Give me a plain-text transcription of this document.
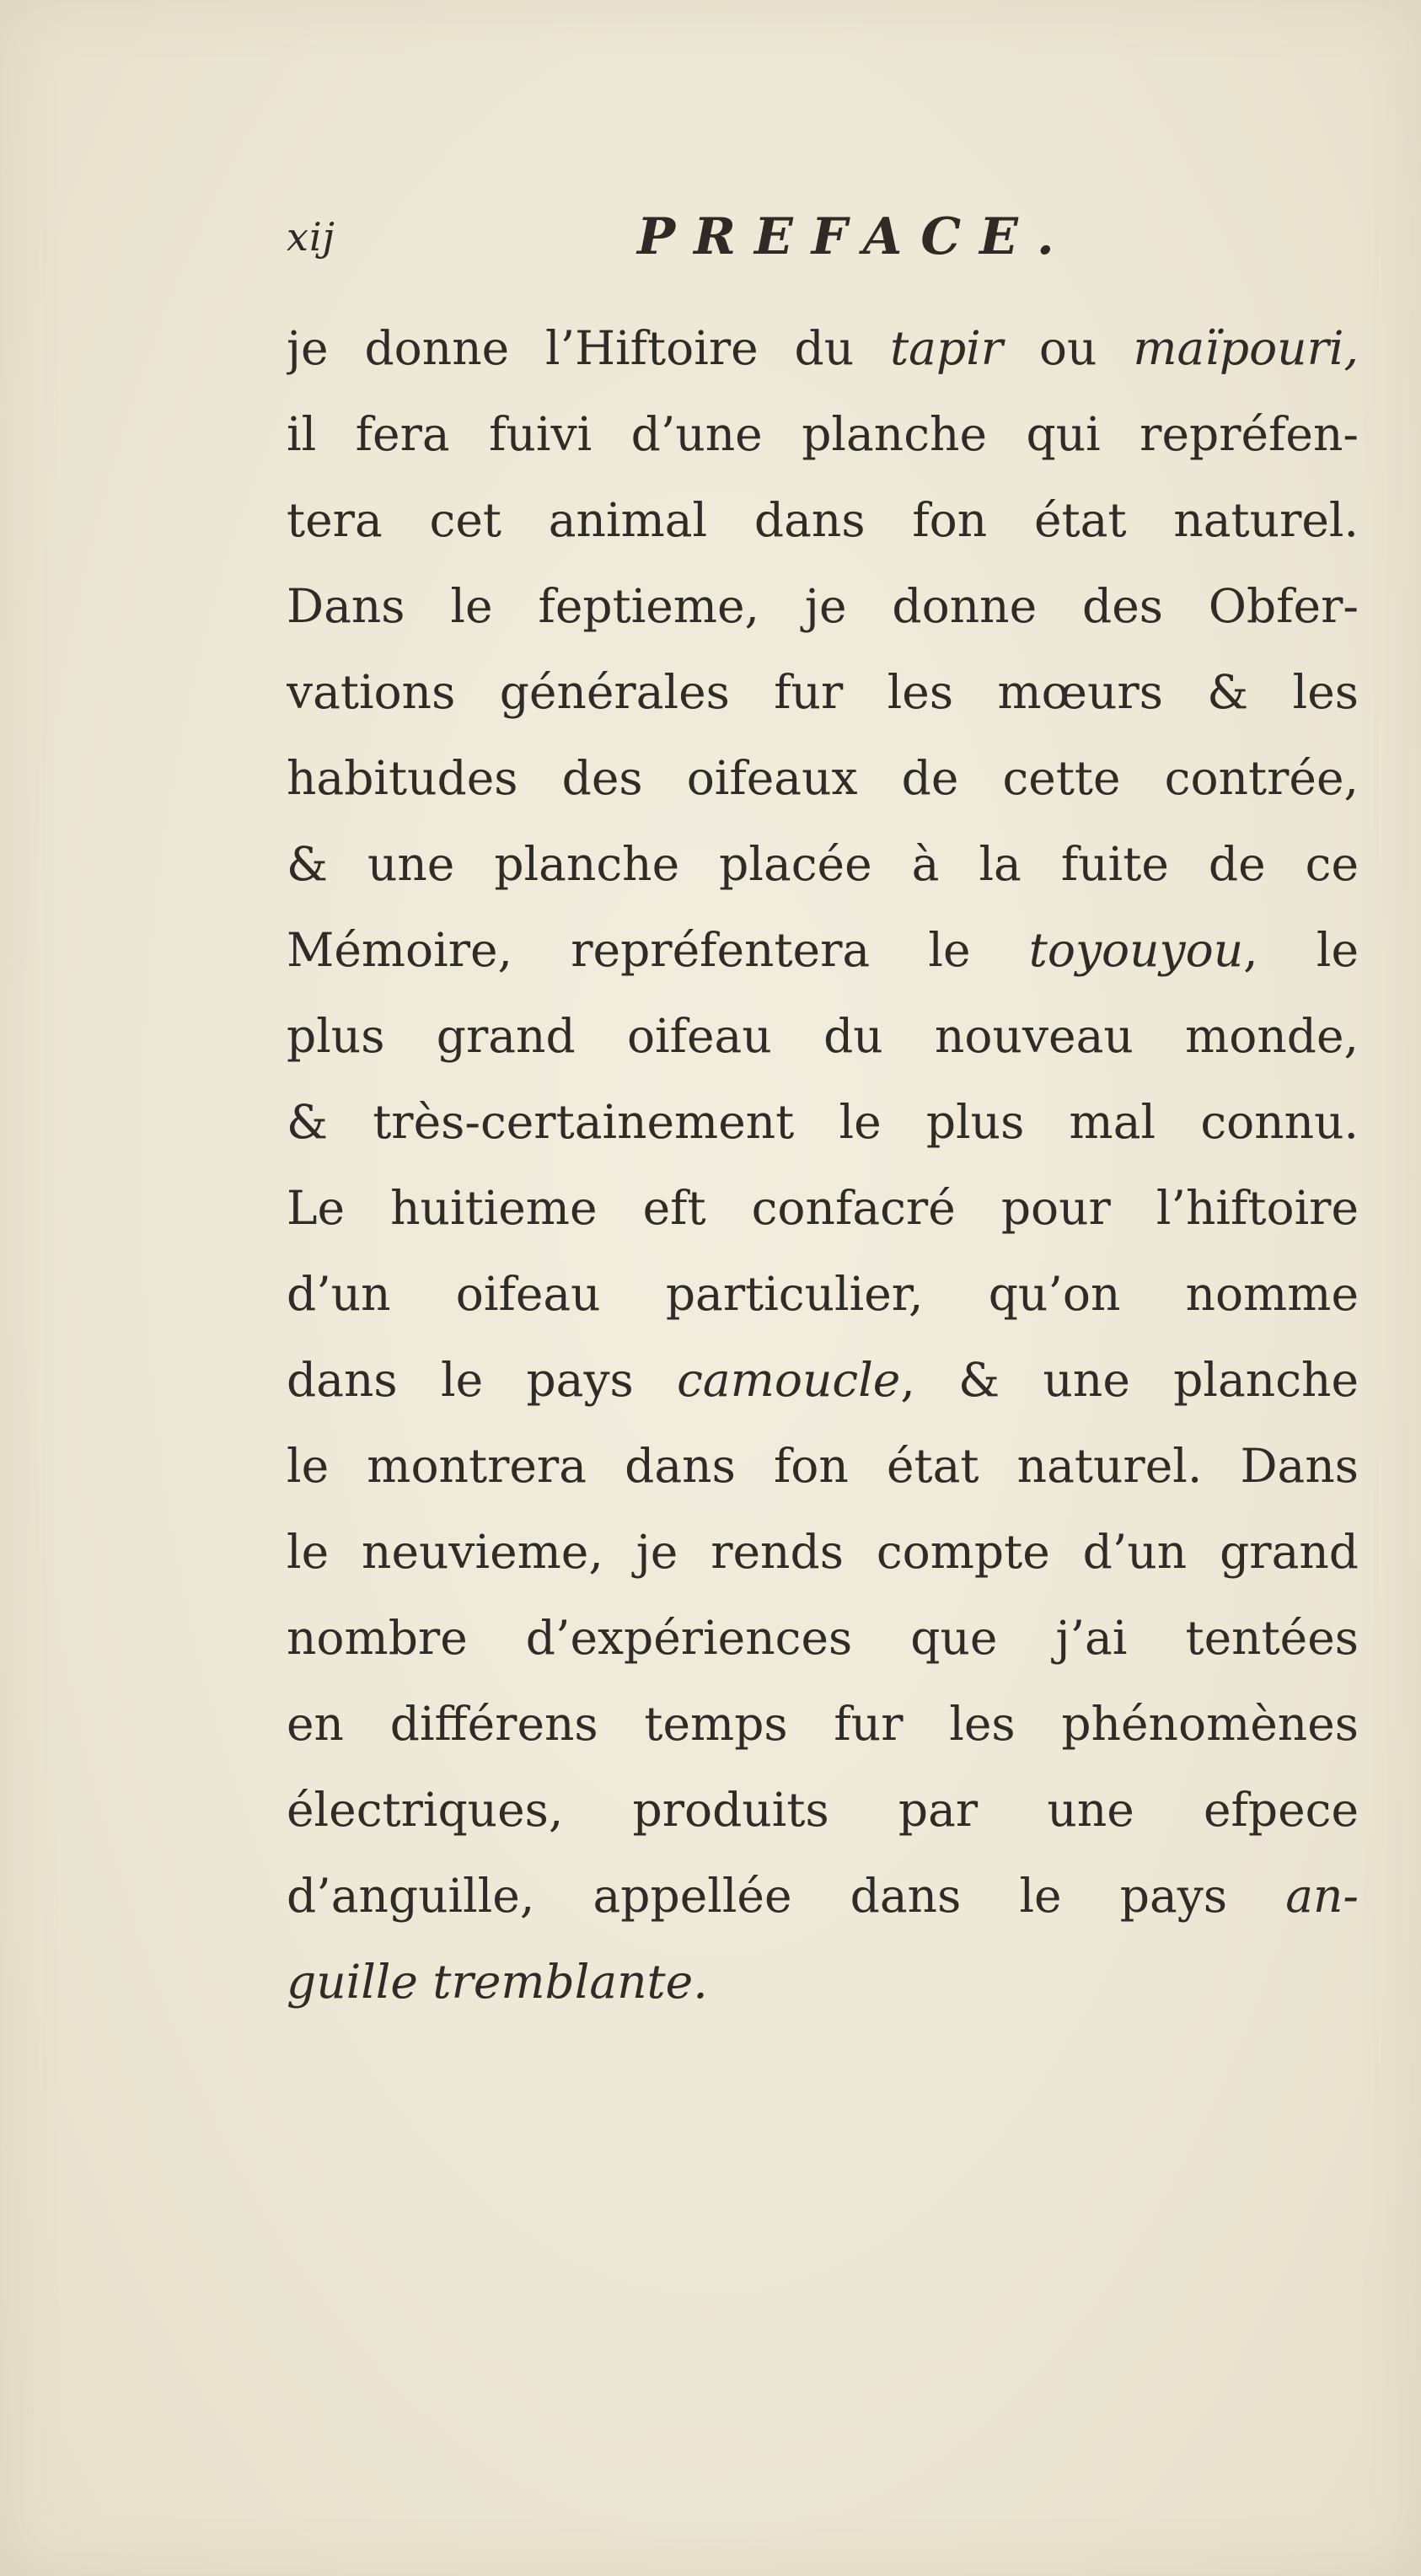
xij	PREFACE.
je donne l’Hiftoire du tapir ou maïpouri,
il fera fuivi d’une planche qui repréfen-
tera cet animal dans fon état naturel.
Dans le feptieme, je donne des Obfer-
vations générales fur les mœurs & les
habitudes des oifeaux de cette contrée,
& une planche placée à la fuite de ce
Mémoire, repréfentera le toyouyou, le
plus grand oifeau du nouveau monde,
& très-certainement le plus mal connu.
Le huitieme eft confacré pour l’hiftoire
d’un oifeau particulier, qu’on nomme
dans le pays camoucle, & une planche
le montrera dans fon état naturel. Dans
le neuvieme, je rends compte d’un grand
nombre d’expériences que j’ai tentées
en différens temps fur les phénomènes
électriques, produits par une efpece
d’anguille, appellée dans le pays an-
guille tremblante.
